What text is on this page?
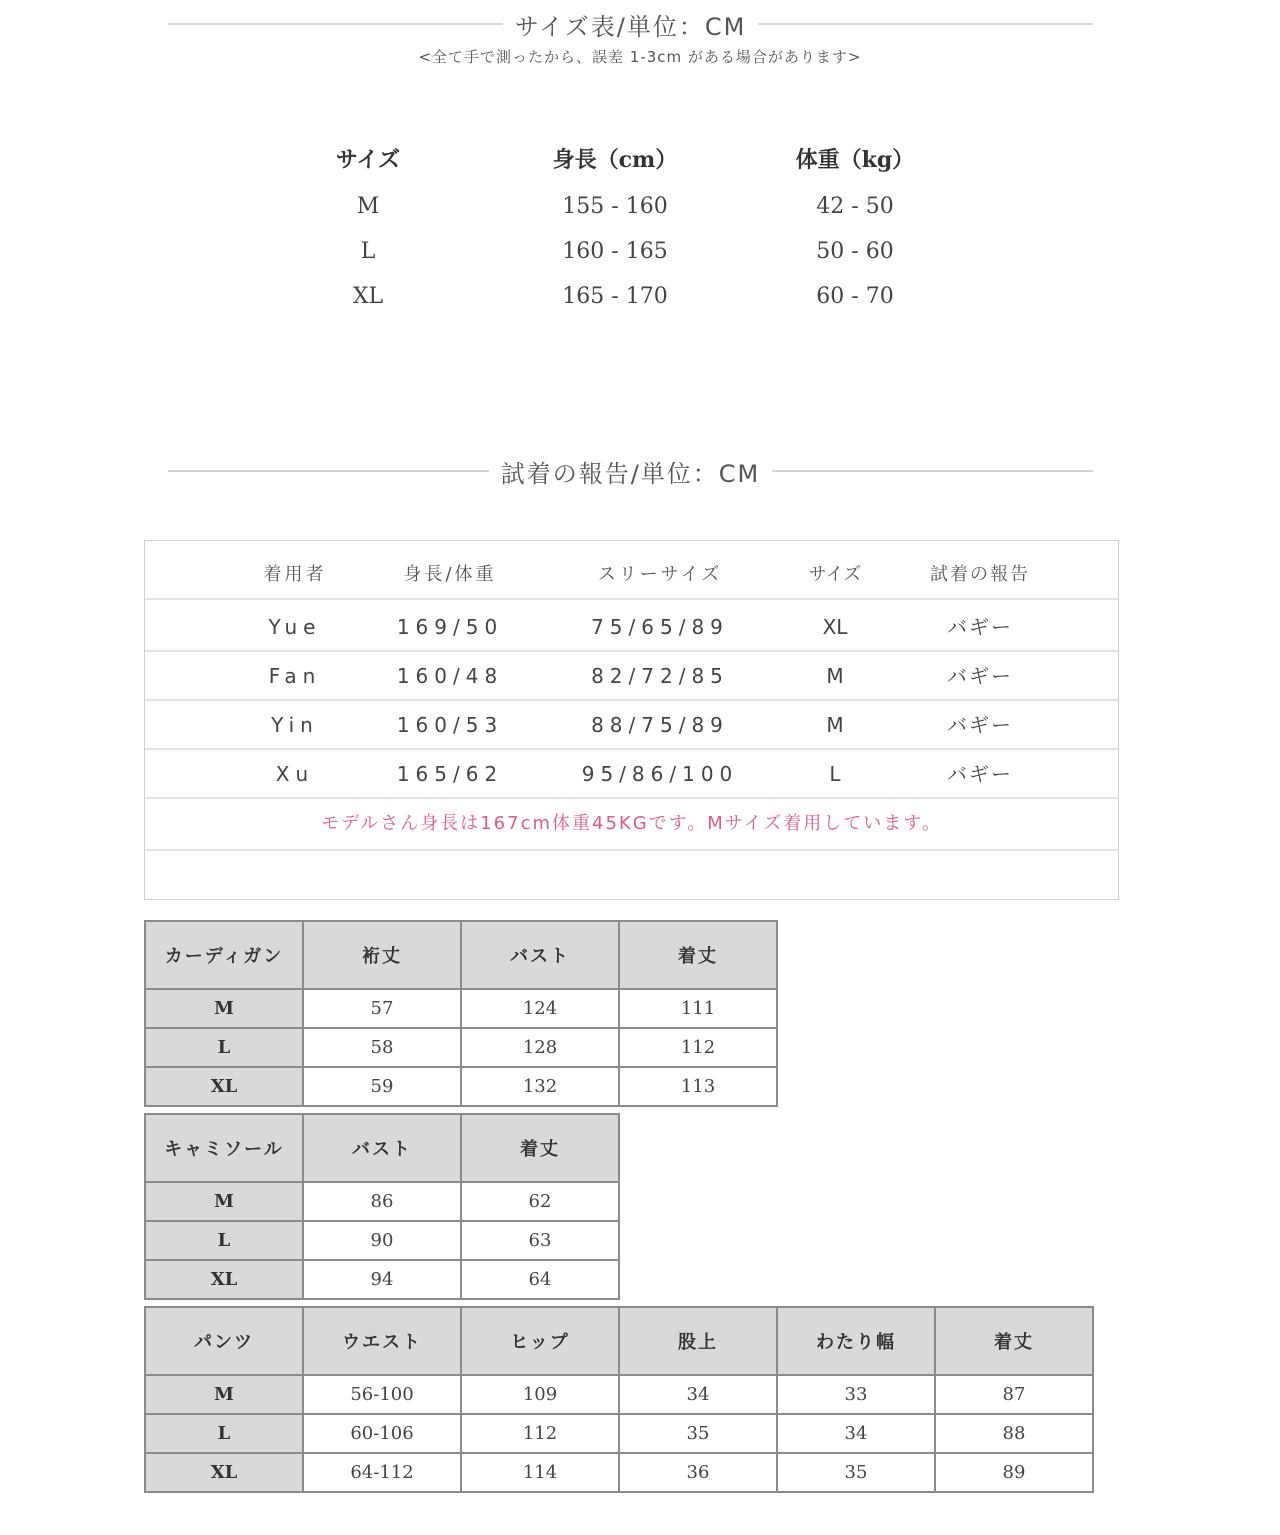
サイズ表/単位：CM
<全て手で測ったから、誤差 1-3cm がある場合があります>
サイズ	身長（cm）	体重（kg）
M	155 - 160	42 - 50
L	160 - 165	50 - 60
XL	165 - 170	60 - 70
試着の報告/単位：CM
着用者	身長/体重	スリーサイズ	サイズ	試着の報告
Yue	169/50	75/65/89	XL	バギー
Fan	160/48	82/72/85	M	バギー
Yin	160/53	88/75/89	M	バギー
Xu	165/62	95/86/100	L	バギー
モデルさん身長は167cm体重45KGです。Mサイズ着用しています。
カーディガン	裄丈	バスト	着丈
M	57	124	111
L	58	128	112
XL	59	132	113
キャミソール	バスト	着丈
M	86	62
L	90	63
XL	94	64
パンツ	ウエスト	ヒップ	股上	わたり幅	着丈
M	56-100	109	34	33	87
L	60-106	112	35	34	88
XL	64-112	114	36	35	89
